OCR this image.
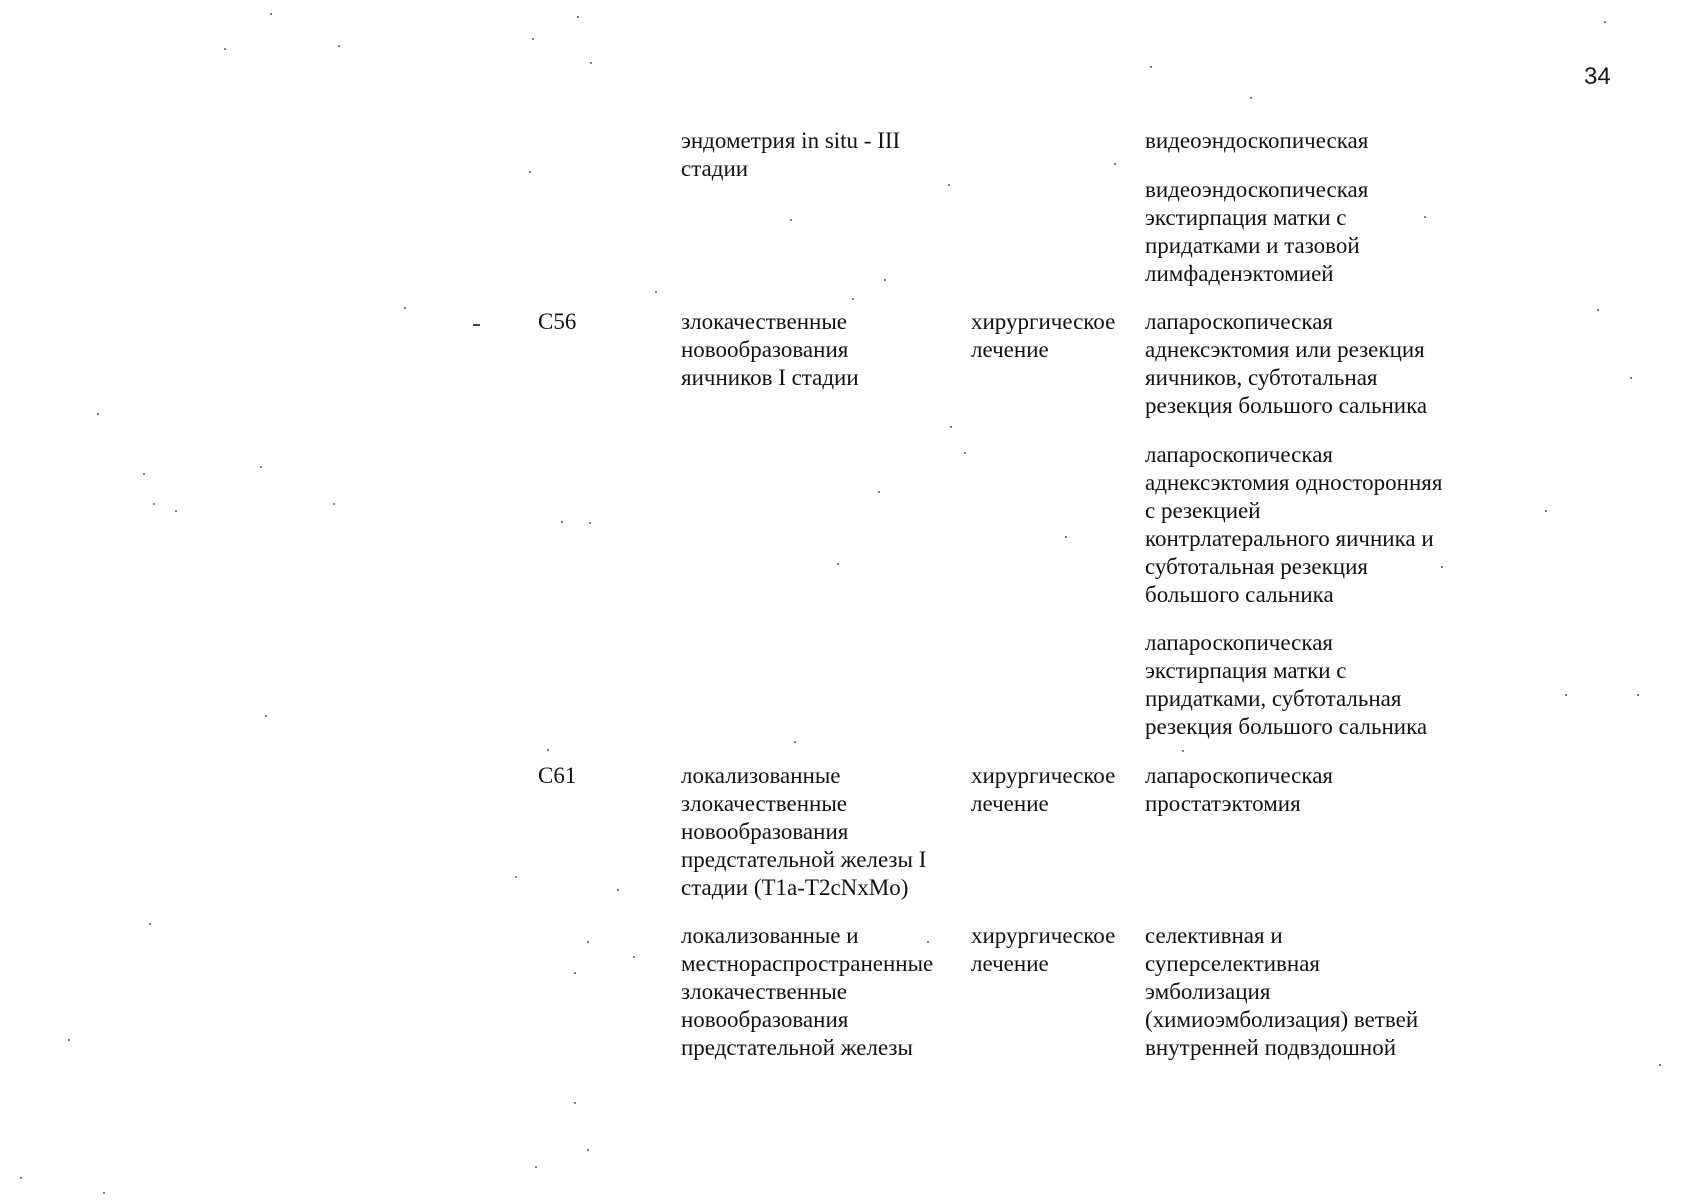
34
эндометрия in situ - III
стадии
видеоэндоскопическая
видеоэндоскопическая
экстирпация матки с
придатками и тазовой
лимфаденэктомией
C56	злокачественные
новообразования
яичников I стадии
хирургическое
лечение
лапароскопическая
аднексэктомия или резекция
яичников, субтотальная
резекция большого сальника
лапароскопическая
аднексэктомия односторонняя
с резекцией
контрлатерального яичника и
субтотальная резекция
большого сальника
лапароскопическая
экстирпация матки с
придатками, субтотальная
резекция большого сальника
C61	локализованные
злокачественные
новообразования
предстательной железы I
стадии (T1a-T2cNxMo)
хирургическое
лечение
лапароскопическая
простатэктомия
локализованные и
местнораспространенные
злокачественные
новообразования
предстательной железы
хирургическое
лечение
селективная и
суперселективная
эмболизация
(химиоэмболизация) ветвей
внутренней подвздошной
